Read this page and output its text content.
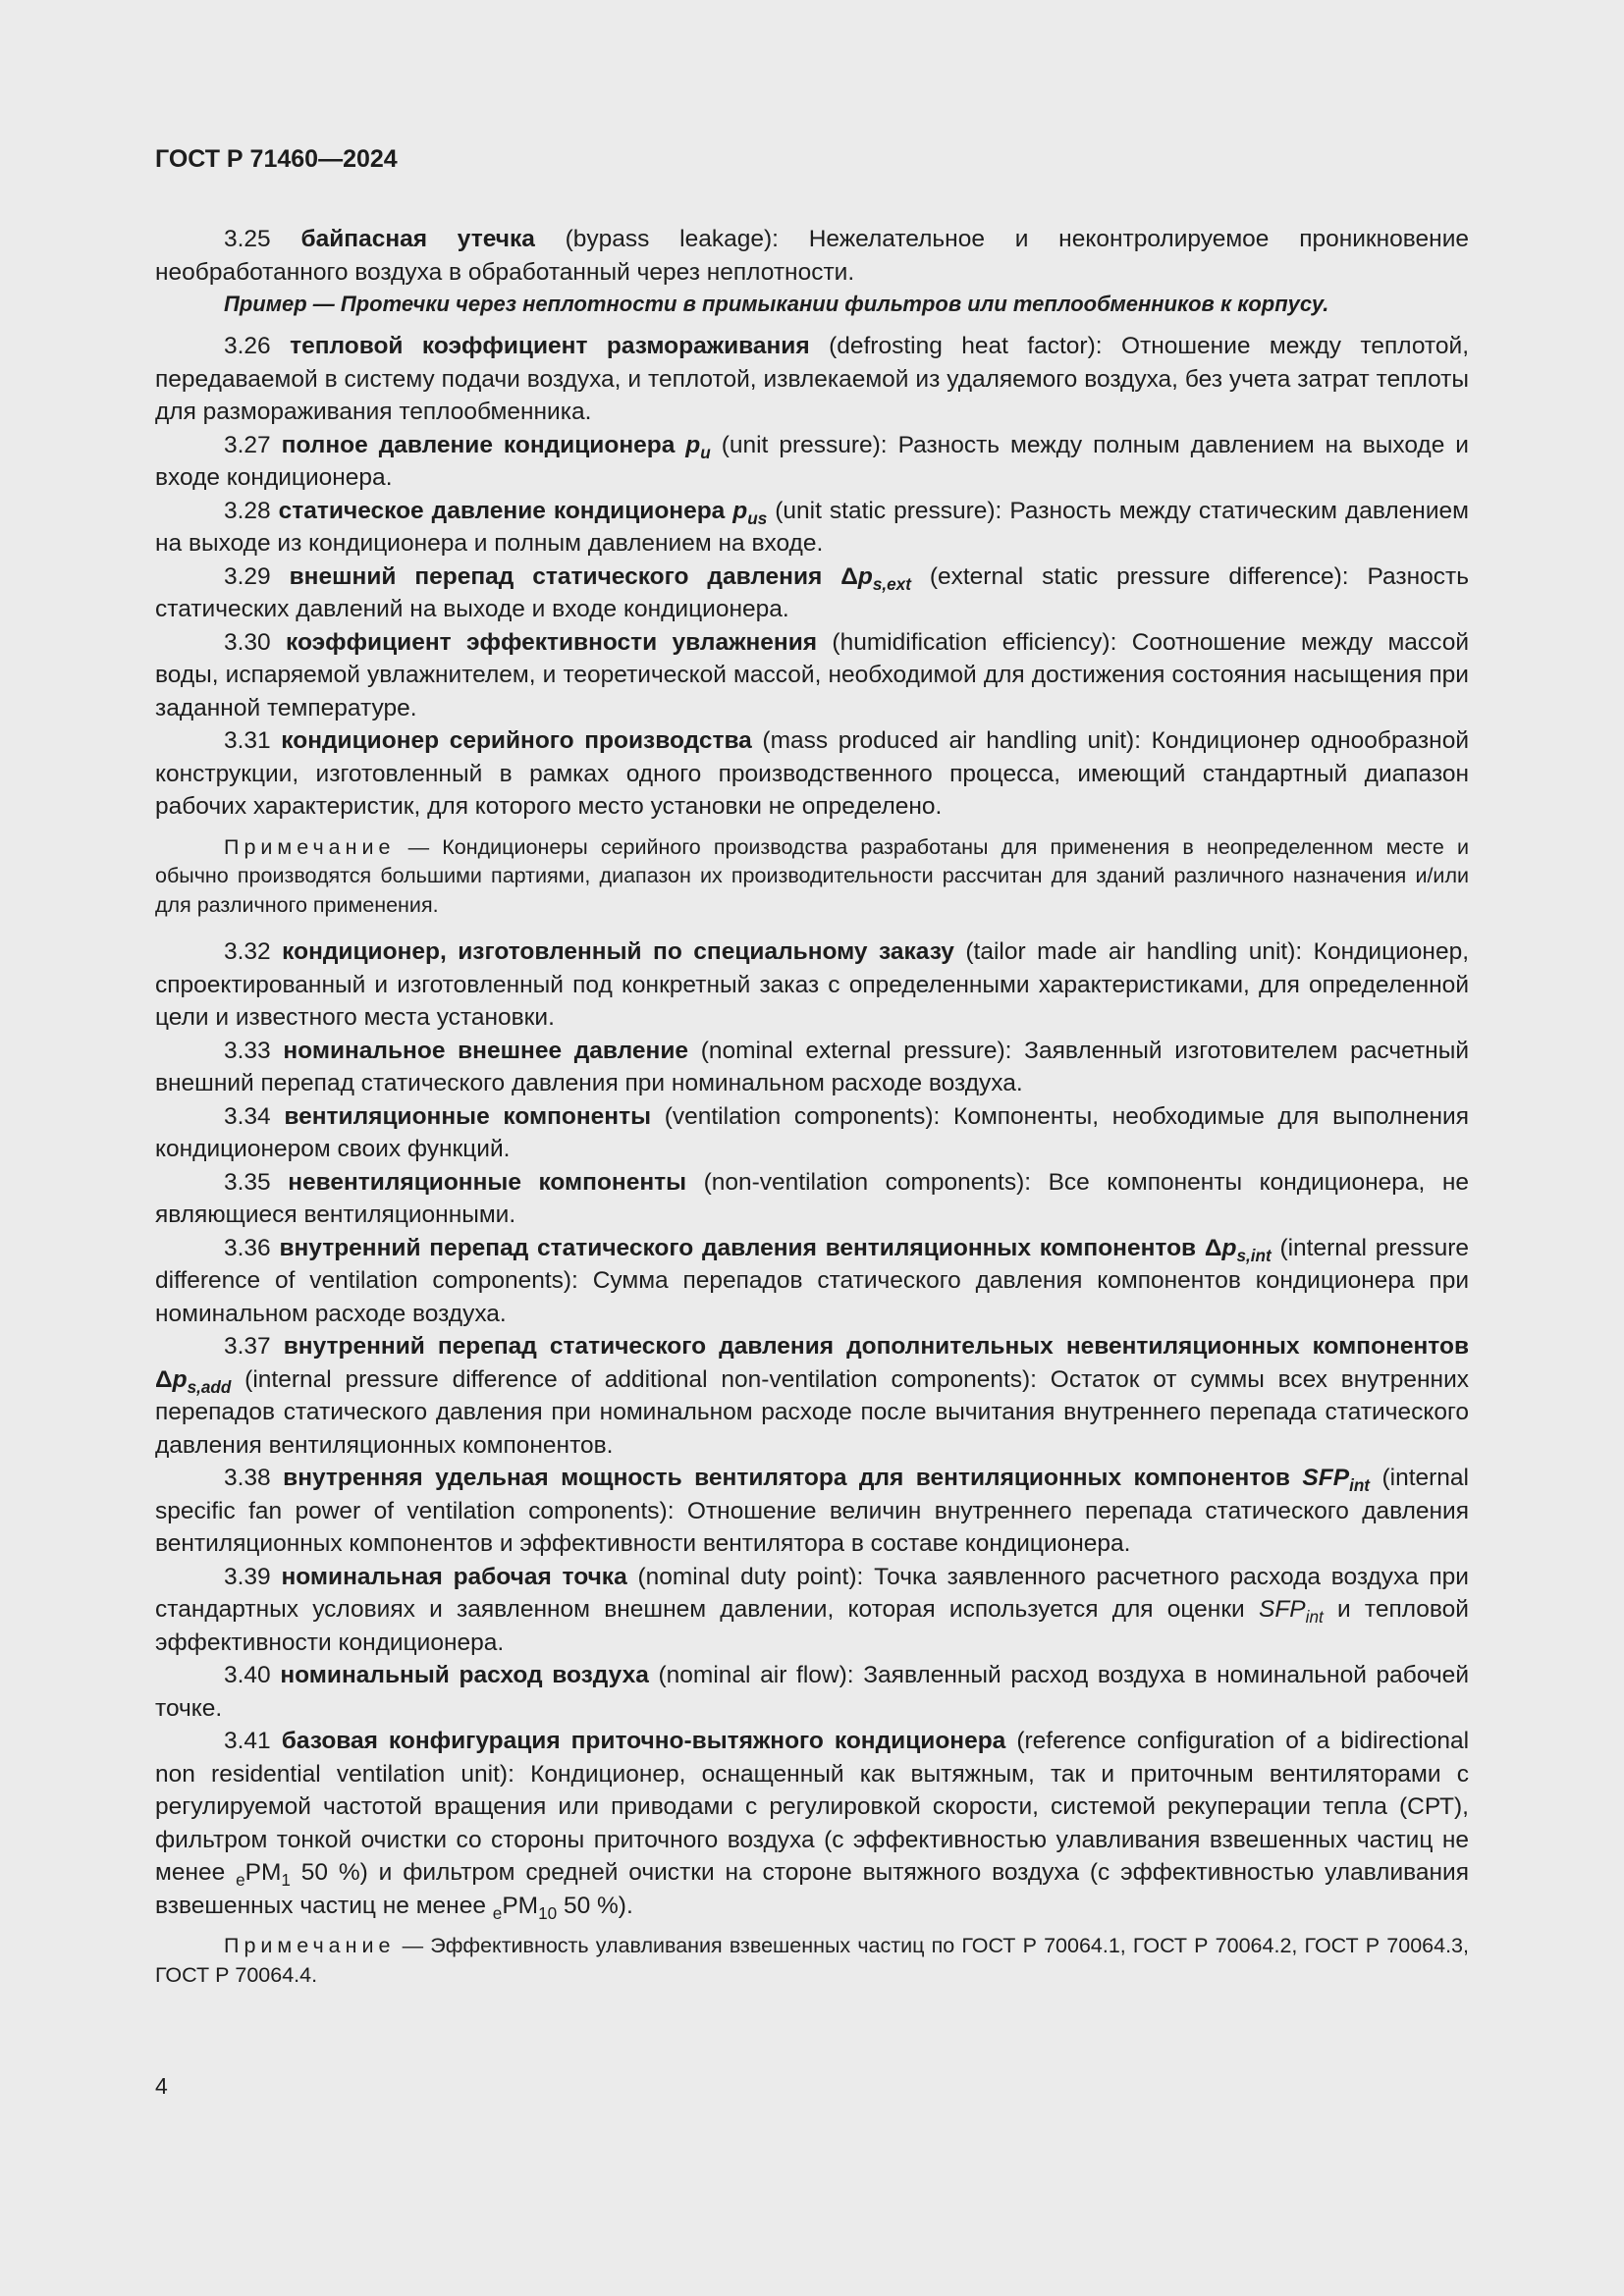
ГОСТ Р 71460—2024

3.25 байпасная утечка (bypass leakage): Нежелательное и неконтролируемое проникновение необработанного воздуха в обработанный через неплотности.

Пример — Протечки через неплотности в примыкании фильтров или теплообменников к корпусу.

3.26 тепловой коэффициент размораживания (defrosting heat factor): Отношение между теплотой, передаваемой в систему подачи воздуха, и теплотой, извлекаемой из удаляемого воздуха, без учета затрат теплоты для размораживания теплообменника.

3.27 полное давление кондиционера $p_u$ (unit pressure): Разность между полным давлением на выходе и входе кондиционера.

3.28 статическое давление кондиционера $p_{us}$ (unit static pressure): Разность между статическим давлением на выходе из кондиционера и полным давлением на входе.

3.29 внешний перепад статического давления $\Delta p_{s,ext}$ (external static pressure difference): Разность статических давлений на выходе и входе кондиционера.

3.30 коэффициент эффективности увлажнения (humidification efficiency): Соотношение между массой воды, испаряемой увлажнителем, и теоретической массой, необходимой для достижения состояния насыщения при заданной температуре.

3.31 кондиционер серийного производства (mass produced air handling unit): Кондиционер однообразной конструкции, изготовленный в рамках одного производственного процесса, имеющий стандартный диапазон рабочих характеристик, для которого место установки не определено.

Примечание — Кондиционеры серийного производства разработаны для применения в неопределенном месте и обычно производятся большими партиями, диапазон их производительности рассчитан для зданий различного назначения и/или для различного применения.

3.32 кондиционер, изготовленный по специальному заказу (tailor made air handling unit): Кондиционер, спроектированный и изготовленный под конкретный заказ с определенными характеристиками, для определенной цели и известного места установки.

3.33 номинальное внешнее давление (nominal external pressure): Заявленный изготовителем расчетный внешний перепад статического давления при номинальном расходе воздуха.

3.34 вентиляционные компоненты (ventilation components): Компоненты, необходимые для выполнения кондиционером своих функций.

3.35 невентиляционные компоненты (non-ventilation components): Все компоненты кондиционера, не являющиеся вентиляционными.

3.36 внутренний перепад статического давления вентиляционных компонентов $\Delta p_{s,int}$ (internal pressure difference of ventilation components): Сумма перепадов статического давления компонентов кондиционера при номинальном расходе воздуха.

3.37 внутренний перепад статического давления дополнительных невентиляционных компонентов $\Delta p_{s,add}$ (internal pressure difference of additional non-ventilation components): Остаток от суммы всех внутренних перепадов статического давления при номинальном расходе после вычитания внутреннего перепада статического давления вентиляционных компонентов.

3.38 внутренняя удельная мощность вентилятора для вентиляционных компонентов $SFP_{int}$ (internal specific fan power of ventilation components): Отношение величин внутреннего перепада статического давления вентиляционных компонентов и эффективности вентилятора в составе кондиционера.

3.39 номинальная рабочая точка (nominal duty point): Точка заявленного расчетного расхода воздуха при стандартных условиях и заявленном внешнем давлении, которая используется для оценки $SFP_{int}$ и тепловой эффективности кондиционера.

3.40 номинальный расход воздуха (nominal air flow): Заявленный расход воздуха в номинальной рабочей точке.

3.41 базовая конфигурация приточно-вытяжного кондиционера (reference configuration of a bidirectional non residential ventilation unit): Кондиционер, оснащенный как вытяжным, так и приточным вентиляторами с регулируемой частотой вращения или приводами с регулировкой скорости, системой рекуперации тепла (СРТ), фильтром тонкой очистки со стороны приточного воздуха (с эффективностью улавливания взвешенных частиц не менее $_ePM_1$ 50 %) и фильтром средней очистки на стороне вытяжного воздуха (с эффективностью улавливания взвешенных частиц не менее $_ePM_{10}$ 50 %).

Примечание — Эффективность улавливания взвешенных частиц по ГОСТ Р 70064.1, ГОСТ Р 70064.2, ГОСТ Р 70064.3, ГОСТ Р 70064.4.

4
